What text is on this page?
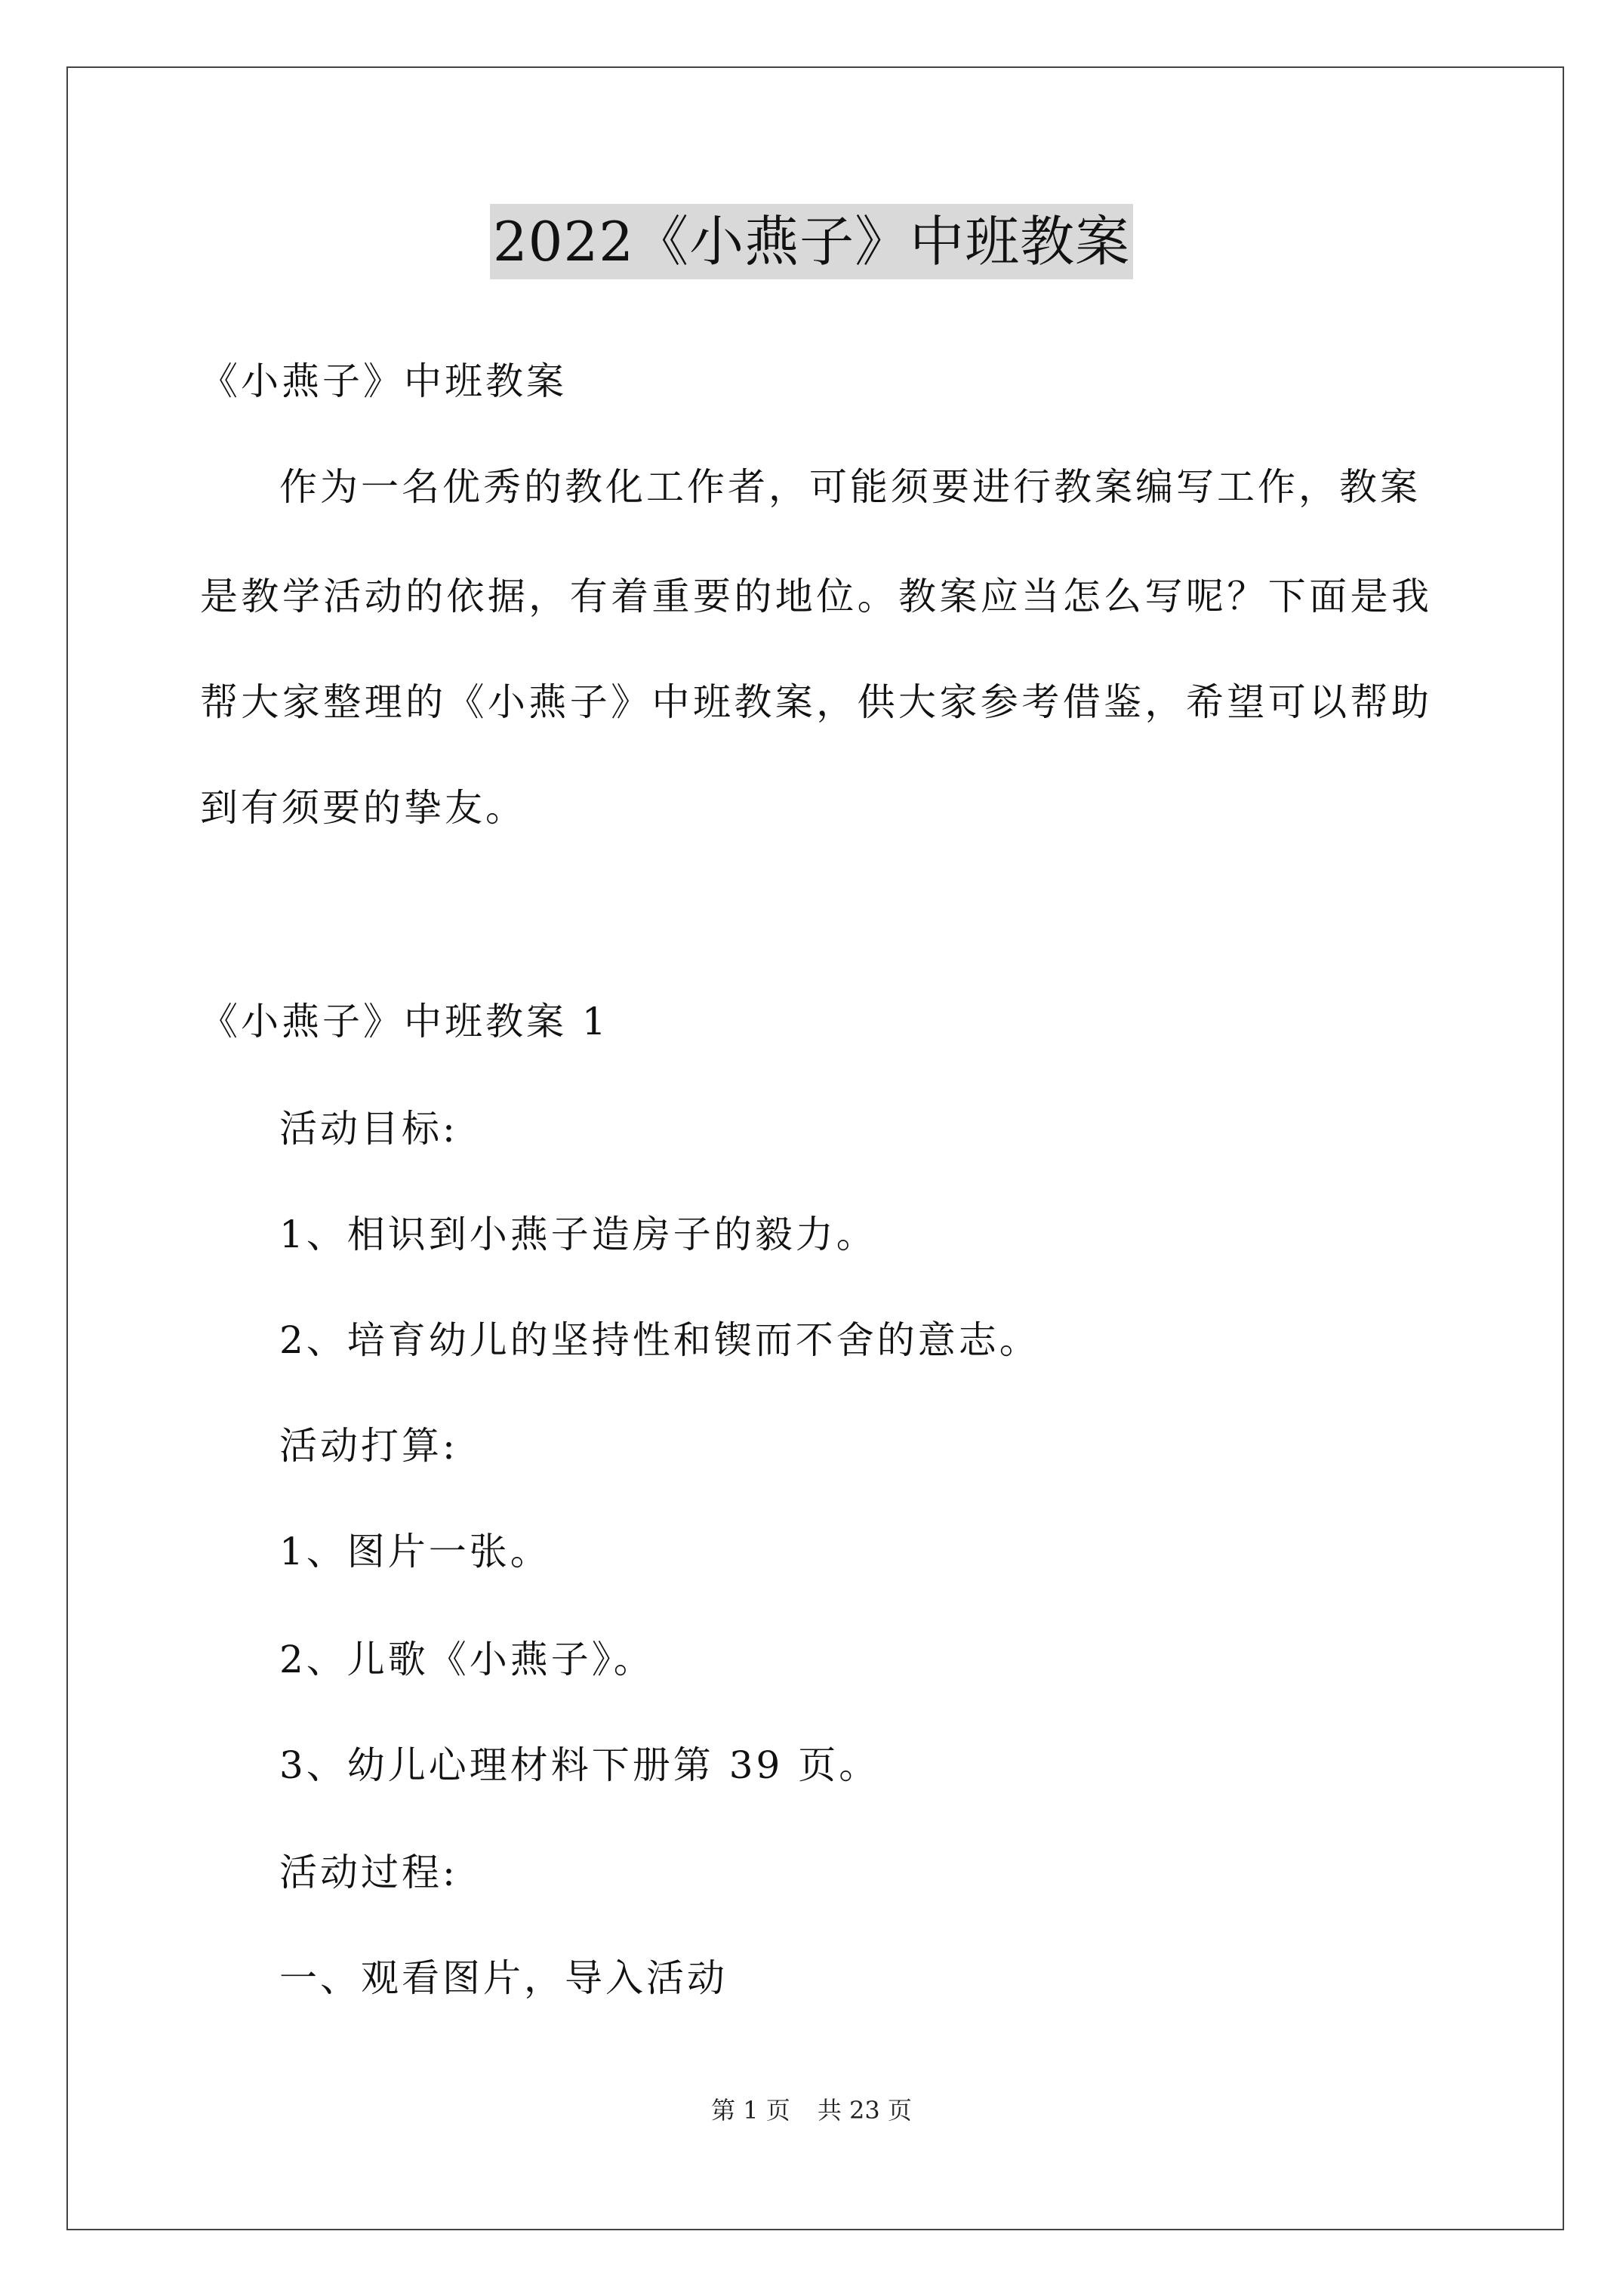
2022《小燕子》中班教案
《小燕子》中班教案
作为一名优秀的教化工作者，可能须要进行教案编写工作，教案
是教学活动的依据，有着重要的地位。教案应当怎么写呢？下面是我
帮大家整理的《小燕子》中班教案，供大家参考借鉴，希望可以帮助
到有须要的挚友。
《小燕子》中班教案 1
活动目标:
1、相识到小燕子造房子的毅力。
2、培育幼儿的坚持性和锲而不舍的意志。
活动打算:
1、图片一张。
2、儿歌《小燕子》。
3、幼儿心理材料下册第 39 页。
活动过程:
一、观看图片，导入活动
第 1 页 共 23 页
